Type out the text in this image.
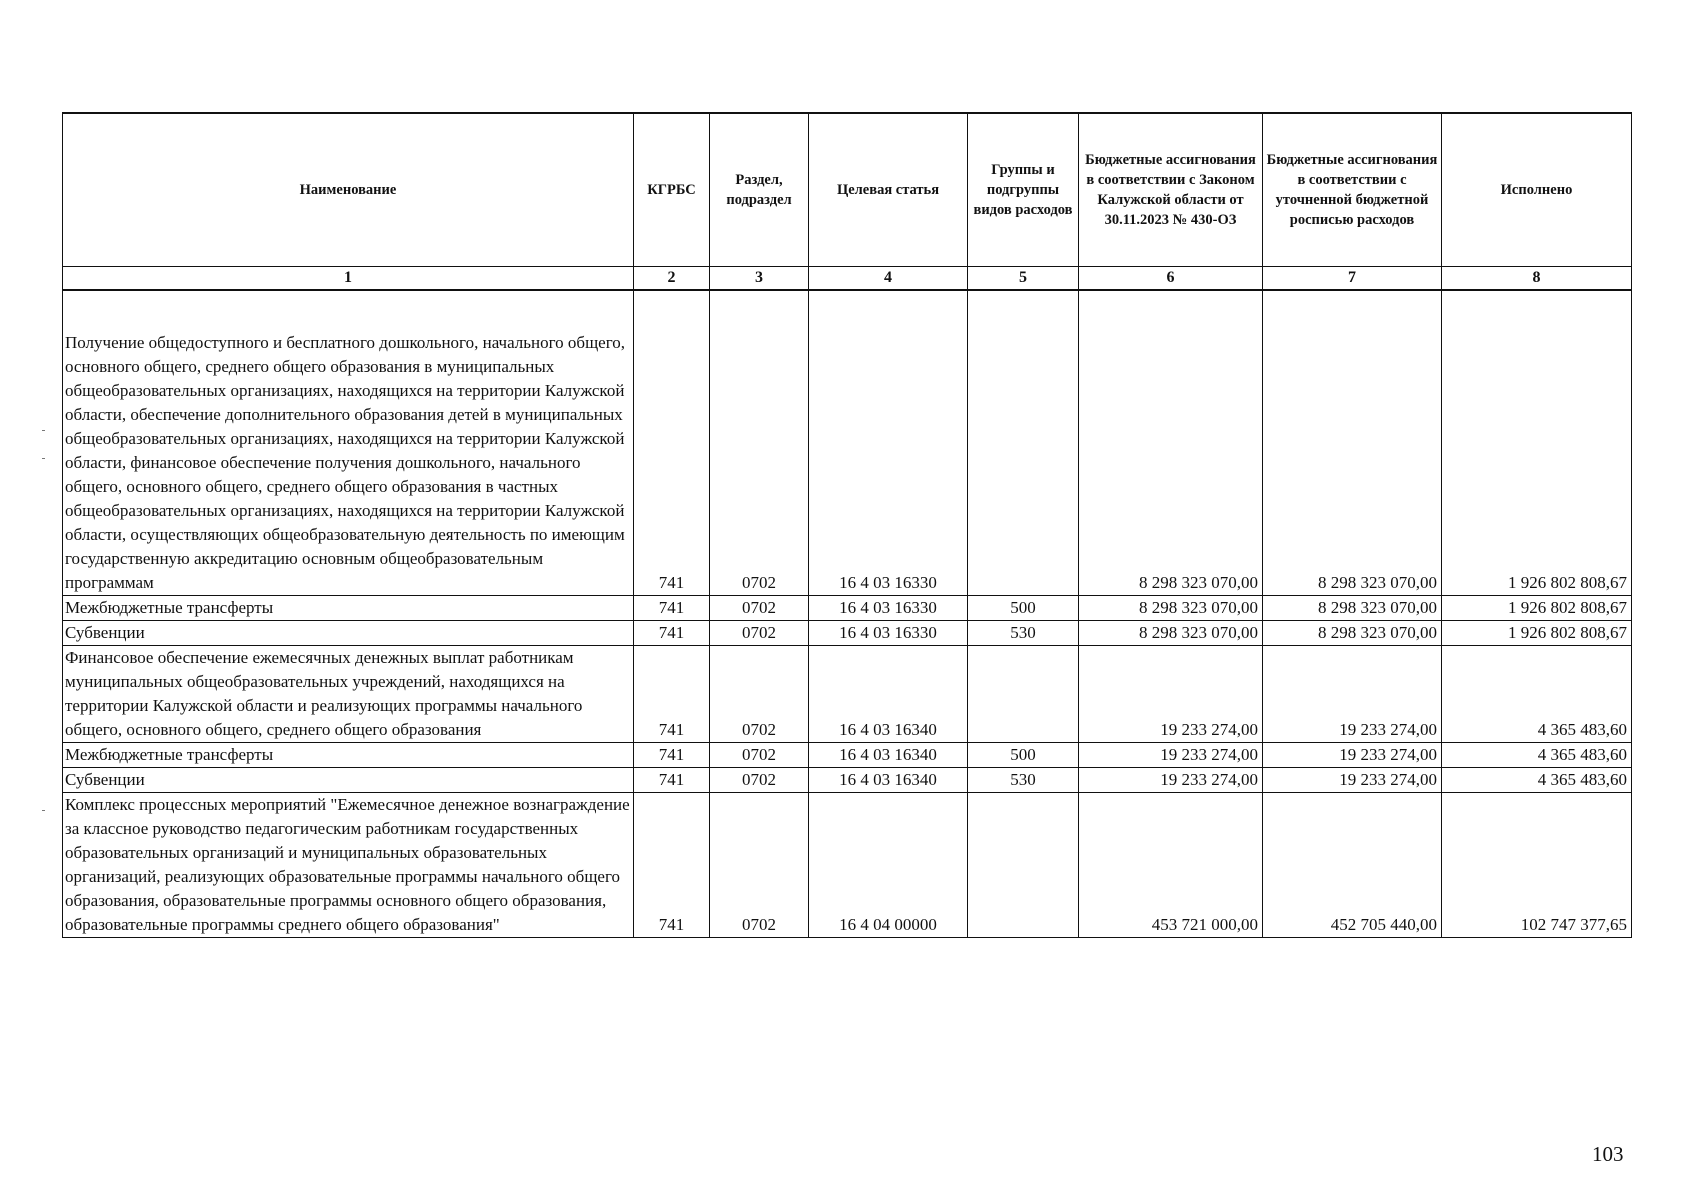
Наименование	КГРБС	Раздел, подраздел	Целевая статья	Группы и подгруппы видов расходов	Бюджетные ассигнования в соответствии с Законом Калужской области от 30.11.2023 № 430-ОЗ	Бюджетные ассигнования в соответствии с уточненной бюджетной росписью расходов	Исполнено
1	2	3	4	5	6	7	8

Получение общедоступного и бесплатного дошкольного, начального общего, основного общего, среднего общего образования в муниципальных общеобразовательных организациях, находящихся на территории Калужской области, обеспечение дополнительного образования детей в муниципальных общеобразовательных организациях, находящихся на территории Калужской области, финансовое обеспечение получения дошкольного, начального общего, основного общего, среднего общего образования в частных общеобразовательных организациях, находящихся на территории Калужской области, осуществляющих общеобразовательную деятельность по имеющим государственную аккредитацию основным общеобразовательным программам	741	0702	16 4 03 16330		8 298 323 070,00	8 298 323 070,00	1 926 802 808,67
Межбюджетные трансферты	741	0702	16 4 03 16330	500	8 298 323 070,00	8 298 323 070,00	1 926 802 808,67
Субвенции	741	0702	16 4 03 16330	530	8 298 323 070,00	8 298 323 070,00	1 926 802 808,67
Финансовое обеспечение ежемесячных денежных выплат работникам муниципальных общеобразовательных учреждений, находящихся на территории Калужской области и реализующих программы начального общего, основного общего, среднего общего образования	741	0702	16 4 03 16340		19 233 274,00	19 233 274,00	4 365 483,60
Межбюджетные трансферты	741	0702	16 4 03 16340	500	19 233 274,00	19 233 274,00	4 365 483,60
Субвенции	741	0702	16 4 03 16340	530	19 233 274,00	19 233 274,00	4 365 483,60
Комплекс процессных мероприятий "Ежемесячное денежное вознаграждение за классное руководство педагогическим работникам государственных образовательных организаций и муниципальных образовательных организаций, реализующих образовательные программы начального общего образования, образовательные программы основного общего образования, образовательные программы среднего общего образования"	741	0702	16 4 04 00000		453 721 000,00	452 705 440,00	102 747 377,65
103
